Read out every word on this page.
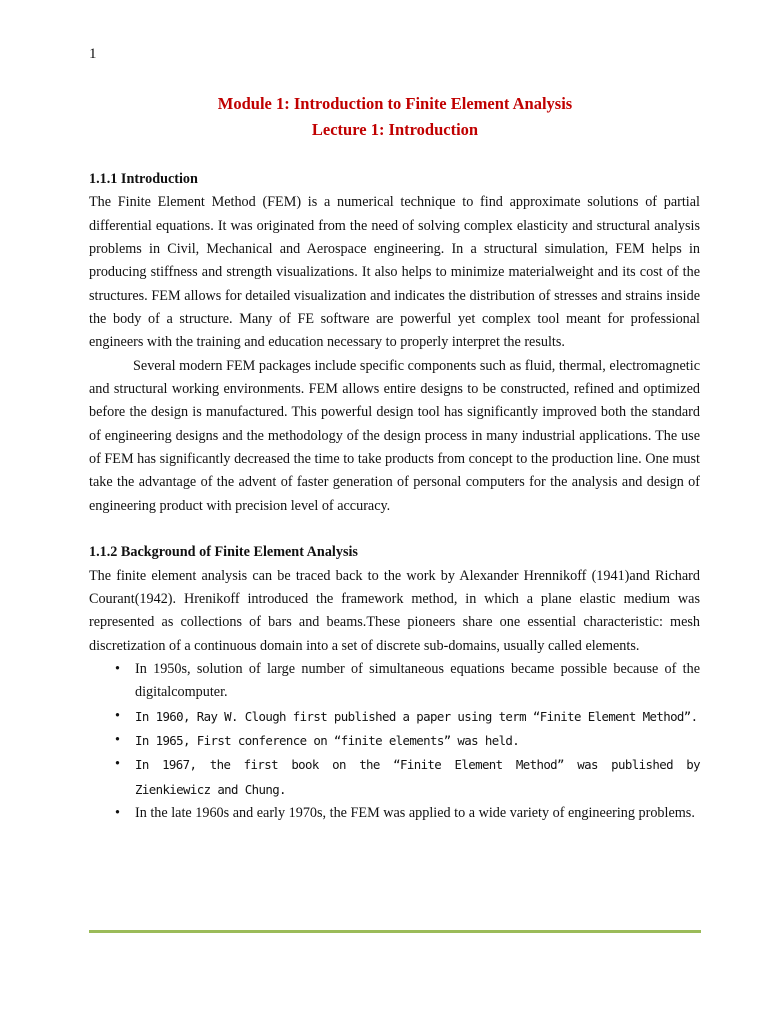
1
Module 1: Introduction to Finite Element Analysis
Lecture 1: Introduction
1.1.1 Introduction

The Finite Element Method (FEM) is a numerical technique to find approximate solutions of partial differential equations. It was originated from the need of solving complex elasticity and structural analysis problems in Civil, Mechanical and Aerospace engineering. In a structural simulation, FEM helps in producing stiffness and strength visualizations. It also helps to minimize materialweight and its cost of the structures. FEM allows for detailed visualization and indicates the distribution of stresses and strains inside the body of a structure. Many of FE software are powerful yet complex tool meant for professional engineers with the training and education necessary to properly interpret the results.

Several modern FEM packages include specific components such as fluid, thermal, electromagnetic and structural working environments. FEM allows entire designs to be constructed, refined and optimized before the design is manufactured. This powerful design tool has significantly improved both the standard of engineering designs and the methodology of the design process in many industrial applications. The use of FEM has significantly decreased the time to take products from concept to the production line. One must take the advantage of the advent of faster generation of personal computers for the analysis and design of engineering product with precision level of accuracy.

1.1.2 Background of Finite Element Analysis

The finite element analysis can be traced back to the work by Alexander Hrennikoff (1941)and Richard Courant(1942). Hrenikoff introduced the framework method, in which a plane elastic medium was represented as collections of bars and beams.These pioneers share one essential characteristic: mesh discretization of a continuous domain into a set of discrete sub-domains, usually called elements.

• In 1950s, solution of large number of simultaneous equations became possible because of the digitalcomputer.
• In 1960, Ray W. Clough first published a paper using term “Finite Element Method”.
• In 1965, First conference on “finite elements” was held.
• In 1967, the first book on the “Finite Element Method” was published by Zienkiewicz and Chung.
• In the late 1960s and early 1970s, the FEM was applied to a wide variety of engineering problems.
